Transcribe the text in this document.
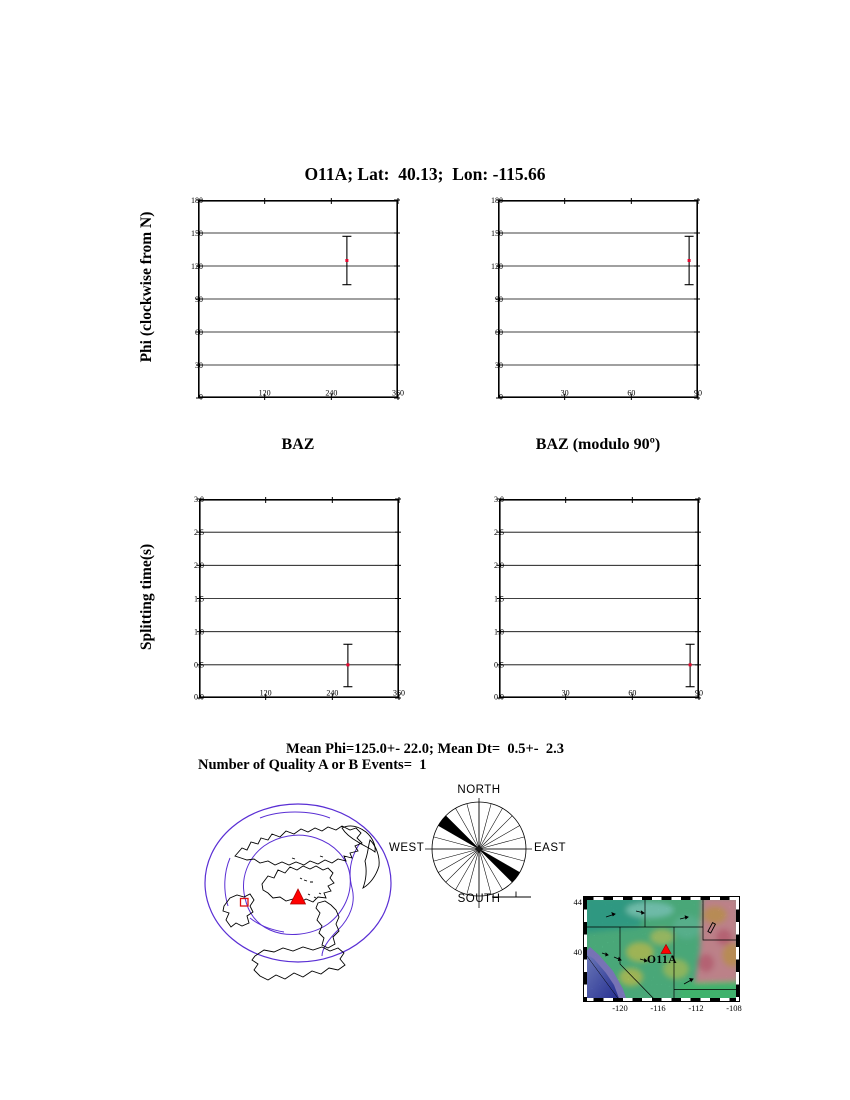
O11A; Lat:  40.13;  Lon: -115.66
Phi (clockwise from N)
Splitting time(s)
120	240	360
0
30
60
90
120
150
180
30	60	90
0
30
60
90
120
150
180
120	240	360
0.0
0.5
1.0
1.5
2.0
2.5
3.0
30	60	90
0.0
0.5
1.0
1.5
2.0
2.5
3.0
BAZ	BAZ (modulo 90º)
Mean Phi=125.0+- 22.0; Mean Dt=  0.5+-  2.3
Number of Quality A or B Events=  1
NORTH
SOUTH
WEST	EAST
O11A
-120	-116	-112	-108
44
40
